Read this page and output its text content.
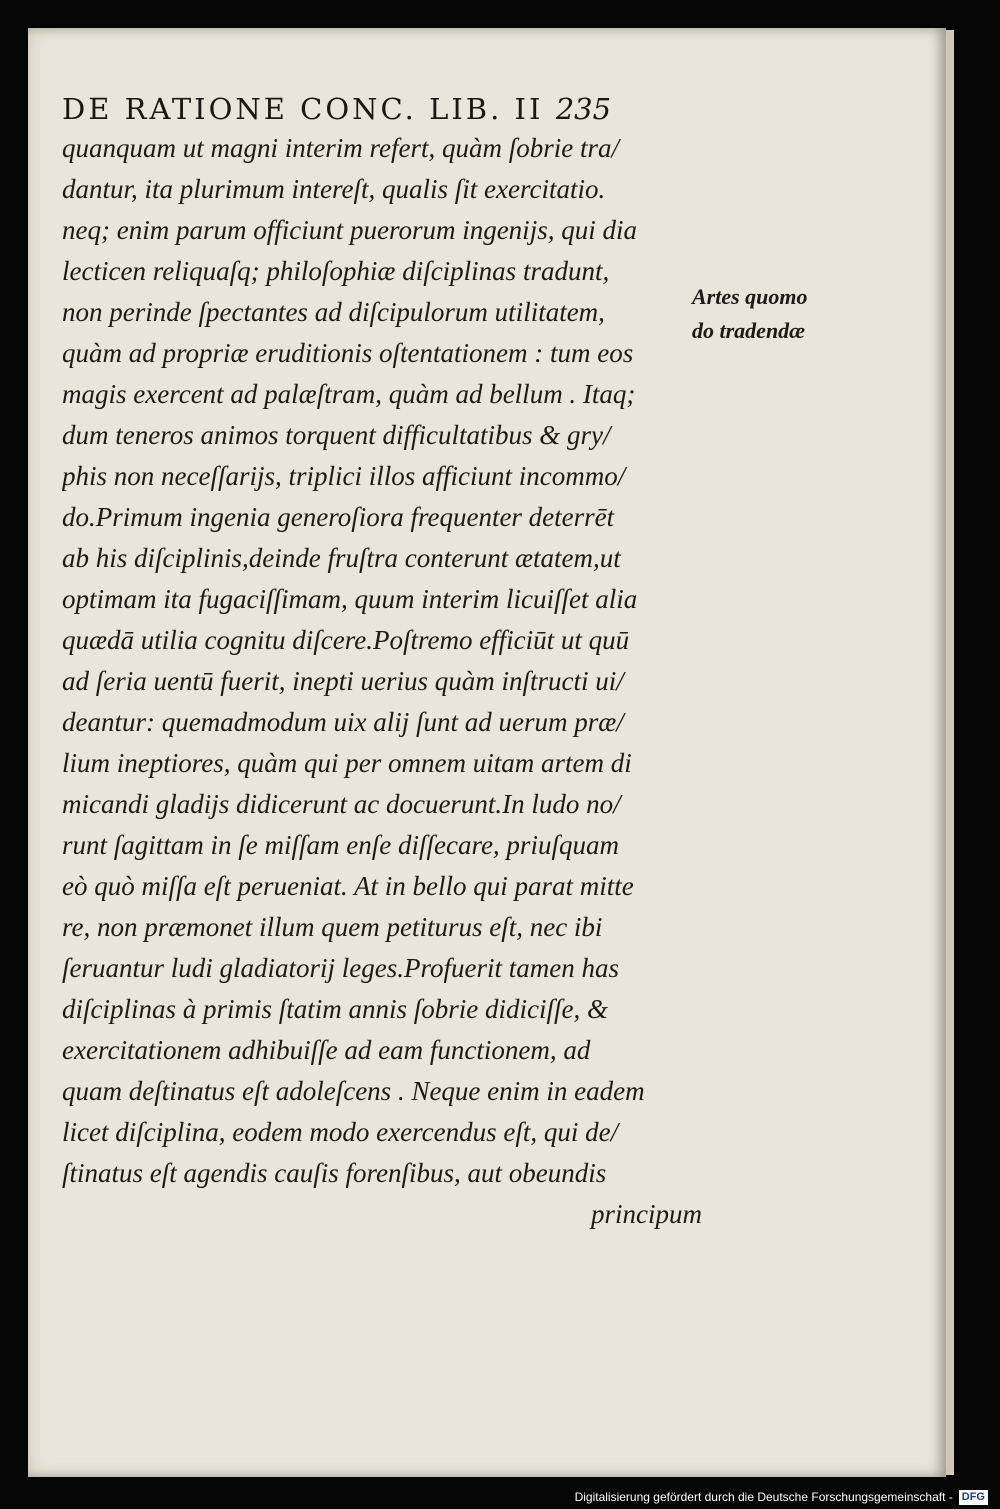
DE RATIONE CONC. LIB. II 235
quanquam ut magni interim refert, quàm ſobrie tra/
dantur, ita plurimum intereſt, qualis ſit exercitatio.
neq; enim parum officiunt puerorum ingenijs, qui dia
lecticen reliquaſq; philoſophiæ diſciplinas tradunt,
non perinde ſpectantes ad diſcipulorum utilitatem,
quàm ad propriæ eruditionis oſtentationem : tum eos
magis exercent ad palæſtram, quàm ad bellum . Itaq;
dum teneros animos torquent difficultatibus & gry/
phis non neceſſarijs, triplici illos afficiunt incommo/
do.Primum ingenia generoſiora frequenter deterrēt
ab his diſciplinis,deinde fruſtra conterunt ætatem,ut
optimam ita fugaciſſimam, quum interim licuiſſet alia
quædā utilia cognitu diſcere.Poſtremo efficiūt ut quū
ad ſeria uentū fuerit, inepti uerius quàm inſtructi ui/
deantur: quemadmodum uix alij ſunt ad uerum præ/
lium ineptiores, quàm qui per omnem uitam artem di
micandi gladijs didicerunt ac docuerunt.In ludo no/
runt ſagittam in ſe miſſam enſe diſſecare, priuſquam
eò quò miſſa eſt perueniat. At in bello qui parat mitte
re, non præmonet illum quem petiturus eſt, nec ibi
ſeruantur ludi gladiatorij leges.Profuerit tamen has
diſciplinas à primis ſtatim annis ſobrie didiciſſe, &
exercitationem adhibuiſſe ad eam functionem, ad
quam deſtinatus eſt adoleſcens . Neque enim in eadem
licet diſciplina, eodem modo exercendus eſt, qui de/
ſtinatus eſt agendis cauſis forenſibus, aut obeundis
principum
Artes quomo
do tradendæ
Digitalisierung gefördert durch die Deutsche Forschungsgemeinschaft - DFG
